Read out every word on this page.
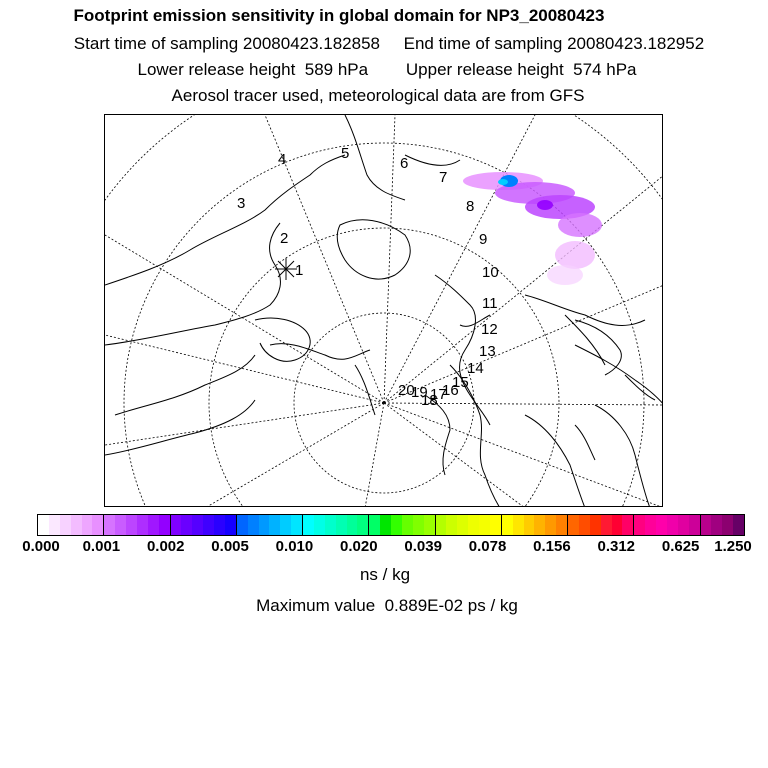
Footprint emission sensitivity in global domain for NP3_20080423
Start time of sampling 20080423.182858     End time of sampling 20080423.182952
Lower release height  589 hPa        Upper release height  574 hPa
Aerosol tracer used, meteorological data are from GFS
1
2
3
4	5
6
7
8
9
10
11
12
13
14
15
16
17
18
19
20
0.000 0.001 0.002 0.005 0.010 0.020 0.039 0.078 0.156 0.312 0.625 1.250
ns / kg
Maximum value  0.889E-02 ps / kg
